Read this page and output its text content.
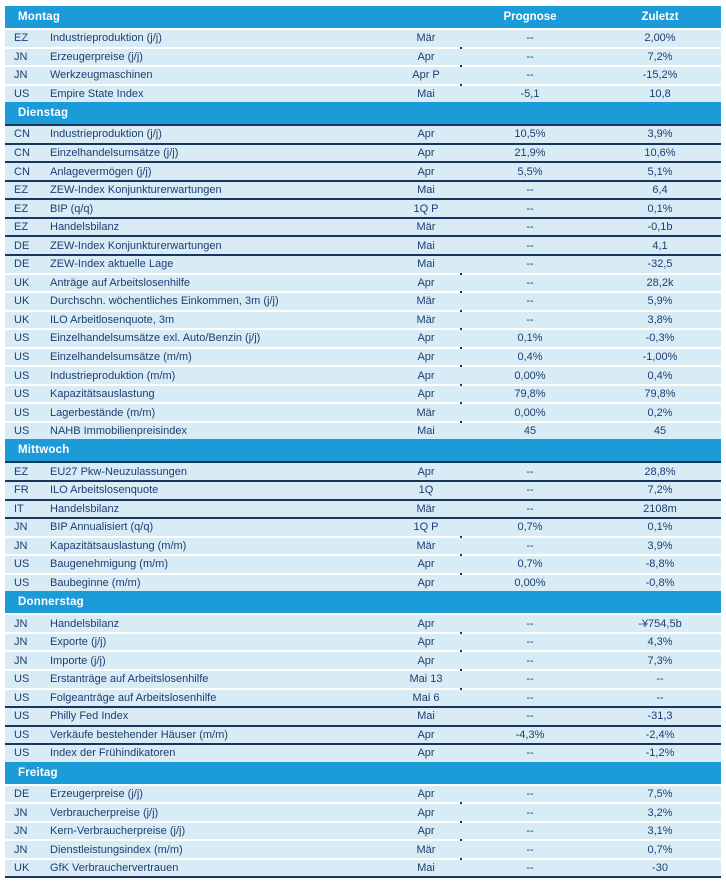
Montag	Prognose	Zuletzt
EZ	Industrieproduktion (j/j)	Mär	--	2,00%
JN	Erzeugerpreise (j/j)	Apr	--	7,2%
JN	Werkzeugmaschinen	Apr P	--	-15,2%
US	Empire State Index	Mai	-5,1	10,8
Dienstag
CN	Industrieproduktion (j/j)	Apr	10,5%	3,9%
CN	Einzelhandelsumsätze (j/j)	Apr	21,9%	10,6%
CN	Anlagevermögen (j/j)	Apr	5,5%	5,1%
EZ	ZEW-Index Konjunkturerwartungen	Mai	--	6,4
EZ	BIP (q/q)	1Q P	--	0,1%
EZ	Handelsbilanz	Mär	--	-0,1b
DE	ZEW-Index Konjunkturerwartungen	Mai	--	4,1
DE	ZEW-Index aktuelle Lage	Mai	--	-32,5
UK	Anträge auf Arbeitslosenhilfe	Apr	--	28,2k
UK	Durchschn. wöchentliches Einkommen, 3m (j/j)	Mär	--	5,9%
UK	ILO Arbeitlosenquote, 3m	Mär	--	3,8%
US	Einzelhandelsumsätze exl. Auto/Benzin (j/j)	Apr	0,1%	-0,3%
US	Einzelhandelsumsätze (m/m)	Apr	0,4%	-1,00%
US	Industrieproduktion (m/m)	Apr	0,00%	0,4%
US	Kapazitätsauslastung	Apr	79,8%	79,8%
US	Lagerbestände (m/m)	Mär	0,00%	0,2%
US	NAHB Immobilienpreisindex	Mai	45	45
Mittwoch
EZ	EU27 Pkw-Neuzulassungen	Apr	--	28,8%
FR	ILO Arbeitslosenquote	1Q	--	7,2%
IT	Handelsbilanz	Mär	--	2108m
JN	BIP Annualisiert (q/q)	1Q P	0,7%	0,1%
JN	Kapazitätsauslastung (m/m)	Mär	--	3,9%
US	Baugenehmigung (m/m)	Apr	0,7%	-8,8%
US	Baubeginne (m/m)	Apr	0,00%	-0,8%
Donnerstag
JN	Handelsbilanz	Apr	--	-¥754,5b
JN	Exporte (j/j)	Apr	--	4,3%
JN	Importe (j/j)	Apr	--	7,3%
US	Erstanträge auf Arbeitslosenhilfe	Mai 13	--	--
US	Folgeanträge auf Arbeitslosenhilfe	Mai 6	--	--
US	Philly Fed Index	Mai	--	-31,3
US	Verkäufe bestehender Häuser (m/m)	Apr	-4,3%	-2,4%
US	Index der Frühindikatoren	Apr	--	-1,2%
Freitag
DE	Erzeugerpreise (j/j)	Apr	--	7,5%
JN	Verbraucherpreise (j/j)	Apr	--	3,2%
JN	Kern-Verbraucherpreise (j/j)	Apr	--	3,1%
JN	Dienstleistungsindex (m/m)	Mär	--	0,7%
UK	GfK Verbrauchervertrauen	Mai	--	-30
